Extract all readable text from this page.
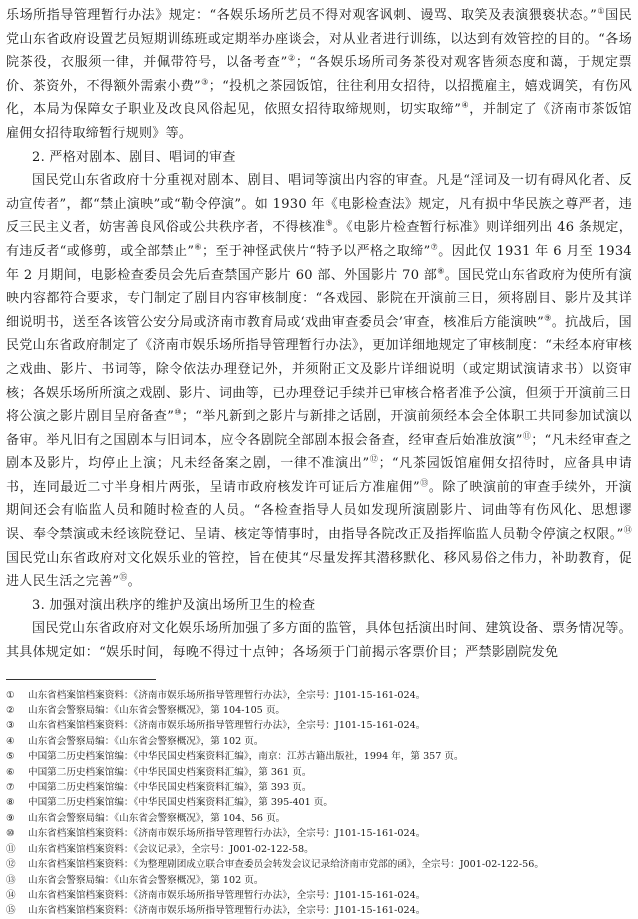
乐场所指导管理暂行办法》规定：“各娱乐场所艺员不得对观客讽刺、谩骂、取笑及表演猥亵状态。”①国民党山东省政府设置艺员短期训练班或定期举办座谈会，对从业者进行训练，以达到有效管控的目的。“各场院茶役，衣服须一律，并佩带符号，以备考查”②；“各娱乐场所司务茶役对观客皆须态度和蔼，于规定票价、茶资外，不得额外需索小费”③；“投机之茶园饭馆，往往利用女招待，以招揽雇主，嬉戏调笑，有伤风化，本局为保障女子职业及改良风俗起见，依照女招待取缔规则，切实取缔”④，并制定了《济南市茶饭馆雇佣女招待取缔暂行规则》等。

2. 严格对剧本、剧目、唱词的审查

国民党山东省政府十分重视对剧本、剧目、唱词等演出内容的审查。凡是“淫词及一切有碍风化者、反动宣传者”，都“禁止演映”或“勒令停演”。如 1930 年《电影检查法》规定，凡有损中华民族之尊严者，违反三民主义者，妨害善良风俗或公共秩序者，不得核准⑤。《电影片检查暂行标准》则详细列出 46 条规定，有违反者“或修剪，或全部禁止”⑥；至于神怪武侠片“特予以严格之取缔”⑦。因此仅 1931 年 6 月至 1934 年 2 月期间，电影检查委员会先后查禁国产影片 60 部、外国影片 70 部⑧。国民党山东省政府为使所有演映内容都符合要求，专门制定了剧目内容审核制度：“各戏园、影院在开演前三日，须将剧目、影片及其详细说明书，送至各该管公安分局或济南市教育局或‘戏曲审查委员会’审查，核准后方能演映”⑨。抗战后，国民党山东省政府制定了《济南市娱乐场所指导管理暂行办法》，更加详细地规定了审核制度：“未经本府审核之戏曲、影片、书词等，除令依法办理登记外，并须附正文及影片详细说明（或定期试演请求书）以资审核；各娱乐场所所演之戏剧、影片、词曲等，已办理登记手续并已审核合格者准予公演，但须于开演前三日将公演之影片剧目呈府备查”⑩；“举凡新到之影片与新排之话剧，开演前须经本会全体职工共同参加试演以备审。举凡旧有之国剧本与旧词本，应令各剧院全部剧本报会备查，经审查后始准放演”⑪；“凡未经审查之剧本及影片，均停止上演；凡未经备案之剧，一律不准演出”⑫；“凡茶园饭馆雇佣女招待时，应备具申请书，连同最近二寸半身相片两张，呈请市政府核发许可证后方准雇佣”⑬。除了映演前的审查手续外，开演期间还会有临监人员和随时检查的人员。“各检查指导人员如发现所演剧影片、词曲等有伤风化、思想谬误、奉令禁演或未经该院登记、呈请、核定等情事时，由指导各院改正及指挥临监人员勒令停演之权限。”⑭国民党山东省政府对文化娱乐业的管控，旨在使其“尽量发挥其潜移默化、移风易俗之伟力，补助教育，促进人民生活之完善”⑮。

3. 加强对演出秩序的维护及演出场所卫生的检查

国民党山东省政府对文化娱乐场所加强了多方面的监管，具体包括演出时间、建筑设备、票务情况等。其具体规定如：“娱乐时间，每晚不得过十点钟；各场须于门前揭示客票价目；严禁影剧院发免

①	山东省档案馆档案资料：《济南市娱乐场所指导管理暂行办法》，全宗号：J101-15-161-024。
②	山东省会警察局编：《山东省会警察概况》，第 104-105 页。
③	山东省档案馆档案资料：《济南市娱乐场所指导管理暂行办法》，全宗号：J101-15-161-024。
④	山东省会警察局编：《山东省会警察概况》，第 102 页。
⑤	中国第二历史档案馆编：《中华民国史档案资料汇编》，南京：江苏古籍出版社，1994 年，第 357 页。
⑥	中国第二历史档案馆编：《中华民国史档案资料汇编》，第 361 页。
⑦	中国第二历史档案馆编：《中华民国史档案资料汇编》，第 393 页。
⑧	中国第二历史档案馆编：《中华民国史档案资料汇编》，第 395-401 页。
⑨	山东省会警察局编：《山东省会警察概况》，第 104、56 页。
⑩	山东省档案馆档案资料：《济南市娱乐场所指导管理暂行办法》，全宗号：J101-15-161-024。
⑪	山东省档案馆档案资料：《会议记录》，全宗号：J001-02-122-58。
⑫	山东省档案馆档案资料：《为整理剧团成立联合审查委员会转发会议记录给济南市党部的函》，全宗号：J001-02-122-56。
⑬	山东省会警察局编：《山东省会警察概况》，第 102 页。
⑭	山东省档案馆档案资料：《济南市娱乐场所指导管理暂行办法》，全宗号：J101-15-161-024。
⑮	山东省档案馆档案资料：《济南市娱乐场所指导管理暂行办法》，全宗号：J101-15-161-024。
